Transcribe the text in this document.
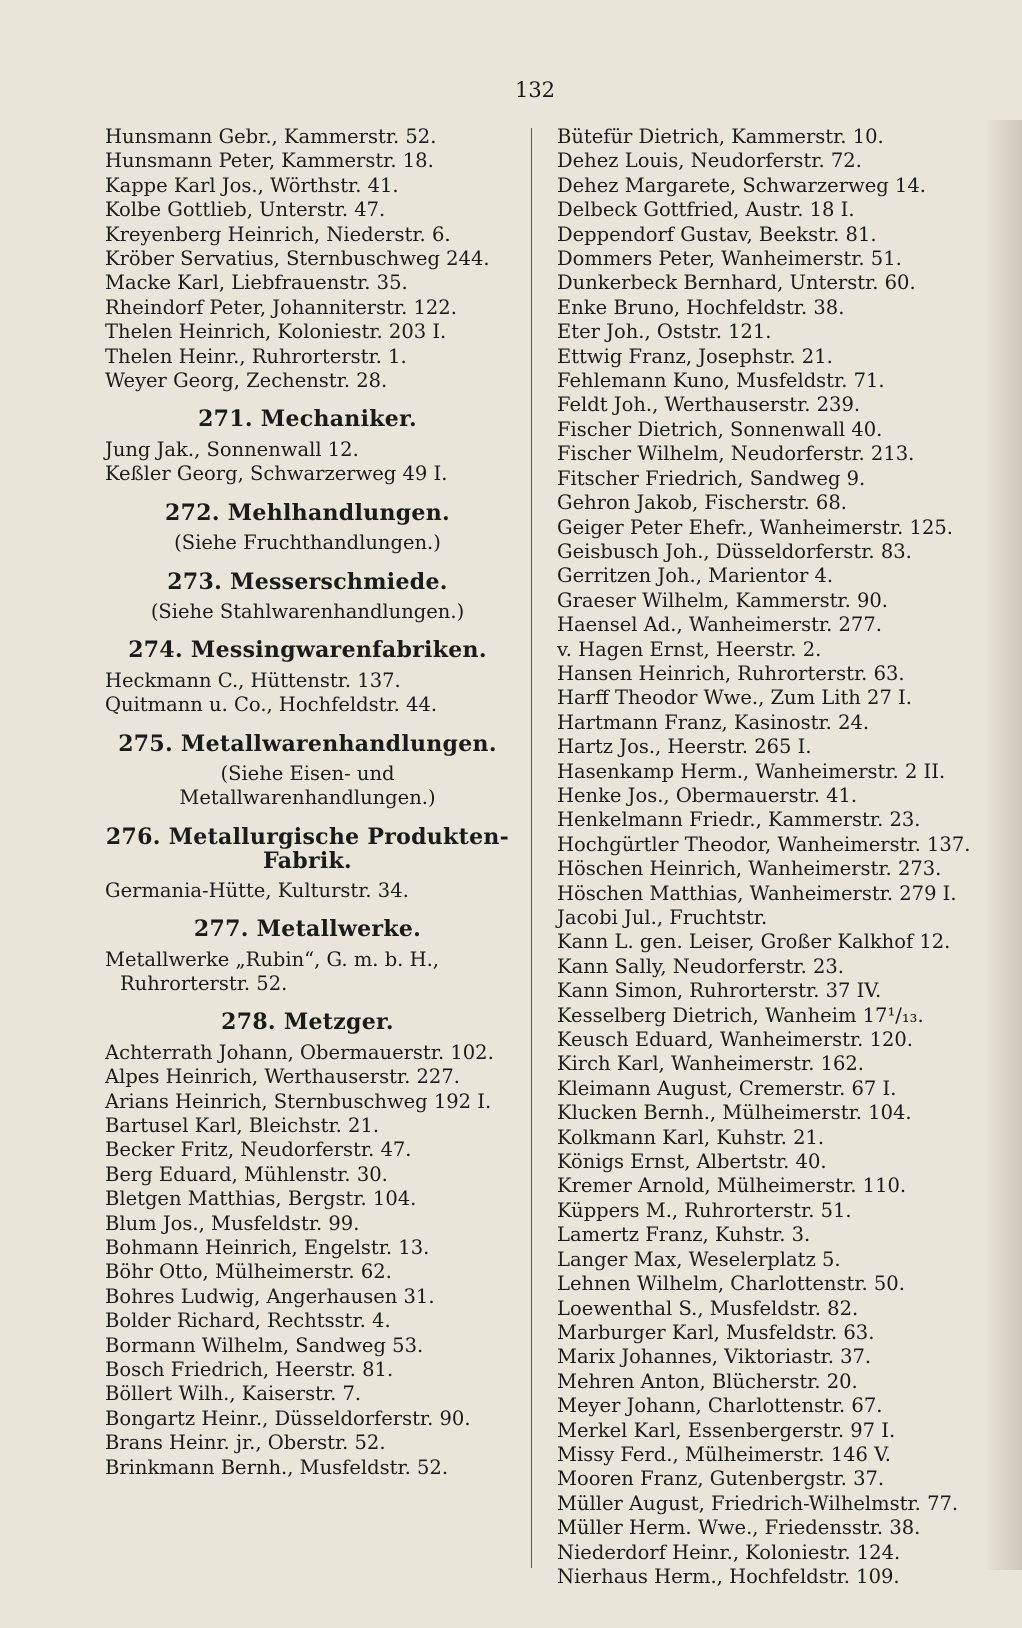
132
Hunsmann Gebr., Kammerstr. 52.
Hunsmann Peter, Kammerstr. 18.
Kappe Karl Jos., Wörthstr. 41.
Kolbe Gottlieb, Unterstr. 47.
Kreyenberg Heinrich, Niederstr. 6.
Kröber Servatius, Sternbuschweg 244.
Macke Karl, Liebfrauenstr. 35.
Rheindorf Peter, Johanniterstr. 122.
Thelen Heinrich, Koloniestr. 203 I.
Thelen Heinr., Ruhrorterstr. 1.
Weyer Georg, Zechenstr. 28.
271. Mechaniker.
Jung Jak., Sonnenwall 12.
Keßler Georg, Schwarzerweg 49 I.
272. Mehlhandlungen.
(Siehe Fruchthandlungen.)
273. Messerschmiede.
(Siehe Stahlwarenhandlungen.)
274. Messingwarenfabriken.
Heckmann C., Hüttenstr. 137.
Quitmann u. Co., Hochfeldstr. 44.
275. Metallwarenhandlungen.
(Siehe Eisen- und Metallwarenhandlungen.)
276. Metallurgische Produkten-Fabrik.
Germania-Hütte, Kulturstr. 34.
277. Metallwerke.
Metallwerke „Rubin“, G. m. b. H., Ruhrorterstr. 52.
278. Metzger.
Achterrath Johann, Obermauerstr. 102.
Alpes Heinrich, Werthauserstr. 227.
Arians Heinrich, Sternbuschweg 192 I.
Bartusel Karl, Bleichstr. 21.
Becker Fritz, Neudorferstr. 47.
Berg Eduard, Mühlenstr. 30.
Bletgen Matthias, Bergstr. 104.
Blum Jos., Musfeldstr. 99.
Bohmann Heinrich, Engelstr. 13.
Böhr Otto, Mülheimerstr. 62.
Bohres Ludwig, Angerhausen 31.
Bolder Richard, Rechtsstr. 4.
Bormann Wilhelm, Sandweg 53.
Bosch Friedrich, Heerstr. 81.
Böllert Wilh., Kaiserstr. 7.
Bongartz Heinr., Düsseldorferstr. 90.
Brans Heinr. jr., Oberstr. 52.
Brinkmann Bernh., Musfeldstr. 52.
Bütefür Dietrich, Kammerstr. 10.
Dehez Louis, Neudorferstr. 72.
Dehez Margarete, Schwarzerweg 14.
Delbeck Gottfried, Austr. 18 I.
Deppendorf Gustav, Beekstr. 81.
Dommers Peter, Wanheimerstr. 51.
Dunkerbeck Bernhard, Unterstr. 60.
Enke Bruno, Hochfeldstr. 38.
Eter Joh., Oststr. 121.
Ettwig Franz, Josephstr. 21.
Fehlemann Kuno, Musfeldstr. 71.
Feldt Joh., Werthauserstr. 239.
Fischer Dietrich, Sonnenwall 40.
Fischer Wilhelm, Neudorferstr. 213.
Fitscher Friedrich, Sandweg 9.
Gehron Jakob, Fischerstr. 68.
Geiger Peter Ehefr., Wanheimerstr. 125.
Geisbusch Joh., Düsseldorferstr. 83.
Gerritzen Joh., Marientor 4.
Graeser Wilhelm, Kammerstr. 90.
Haensel Ad., Wanheimerstr. 277.
v. Hagen Ernst, Heerstr. 2.
Hansen Heinrich, Ruhrorterstr. 63.
Harff Theodor Wwe., Zum Lith 27 I.
Hartmann Franz, Kasinostr. 24.
Hartz Jos., Heerstr. 265 I.
Hasenkamp Herm., Wanheimerstr. 2 II.
Henke Jos., Obermauerstr. 41.
Henkelmann Friedr., Kammerstr. 23.
Hochgürtler Theodor, Wanheimerstr. 137.
Höschen Heinrich, Wanheimerstr. 273.
Höschen Matthias, Wanheimerstr. 279 I.
Jacobi Jul., Fruchtstr.
Kann L. gen. Leiser, Großer Kalkhof 12.
Kann Sally, Neudorferstr. 23.
Kann Simon, Ruhrorterstr. 37 IV.
Kesselberg Dietrich, Wanheim 17¹/₁₃.
Keusch Eduard, Wanheimerstr. 120.
Kirch Karl, Wanheimerstr. 162.
Kleimann August, Cremerstr. 67 I.
Klucken Bernh., Mülheimerstr. 104.
Kolkmann Karl, Kuhstr. 21.
Königs Ernst, Albertstr. 40.
Kremer Arnold, Mülheimerstr. 110.
Küppers M., Ruhrorterstr. 51.
Lamertz Franz, Kuhstr. 3.
Langer Max, Weselerplatz 5.
Lehnen Wilhelm, Charlottenstr. 50.
Loewenthal S., Musfeldstr. 82.
Marburger Karl, Musfeldstr. 63.
Marix Johannes, Viktoriastr. 37.
Mehren Anton, Blücherstr. 20.
Meyer Johann, Charlottenstr. 67.
Merkel Karl, Essenbergerstr. 97 I.
Missy Ferd., Mülheimerstr. 146 V.
Mooren Franz, Gutenbergstr. 37.
Müller August, Friedrich-Wilhelmstr. 77.
Müller Herm. Wwe., Friedensstr. 38.
Niederdorf Heinr., Koloniestr. 124.
Nierhaus Herm., Hochfeldstr. 109.
